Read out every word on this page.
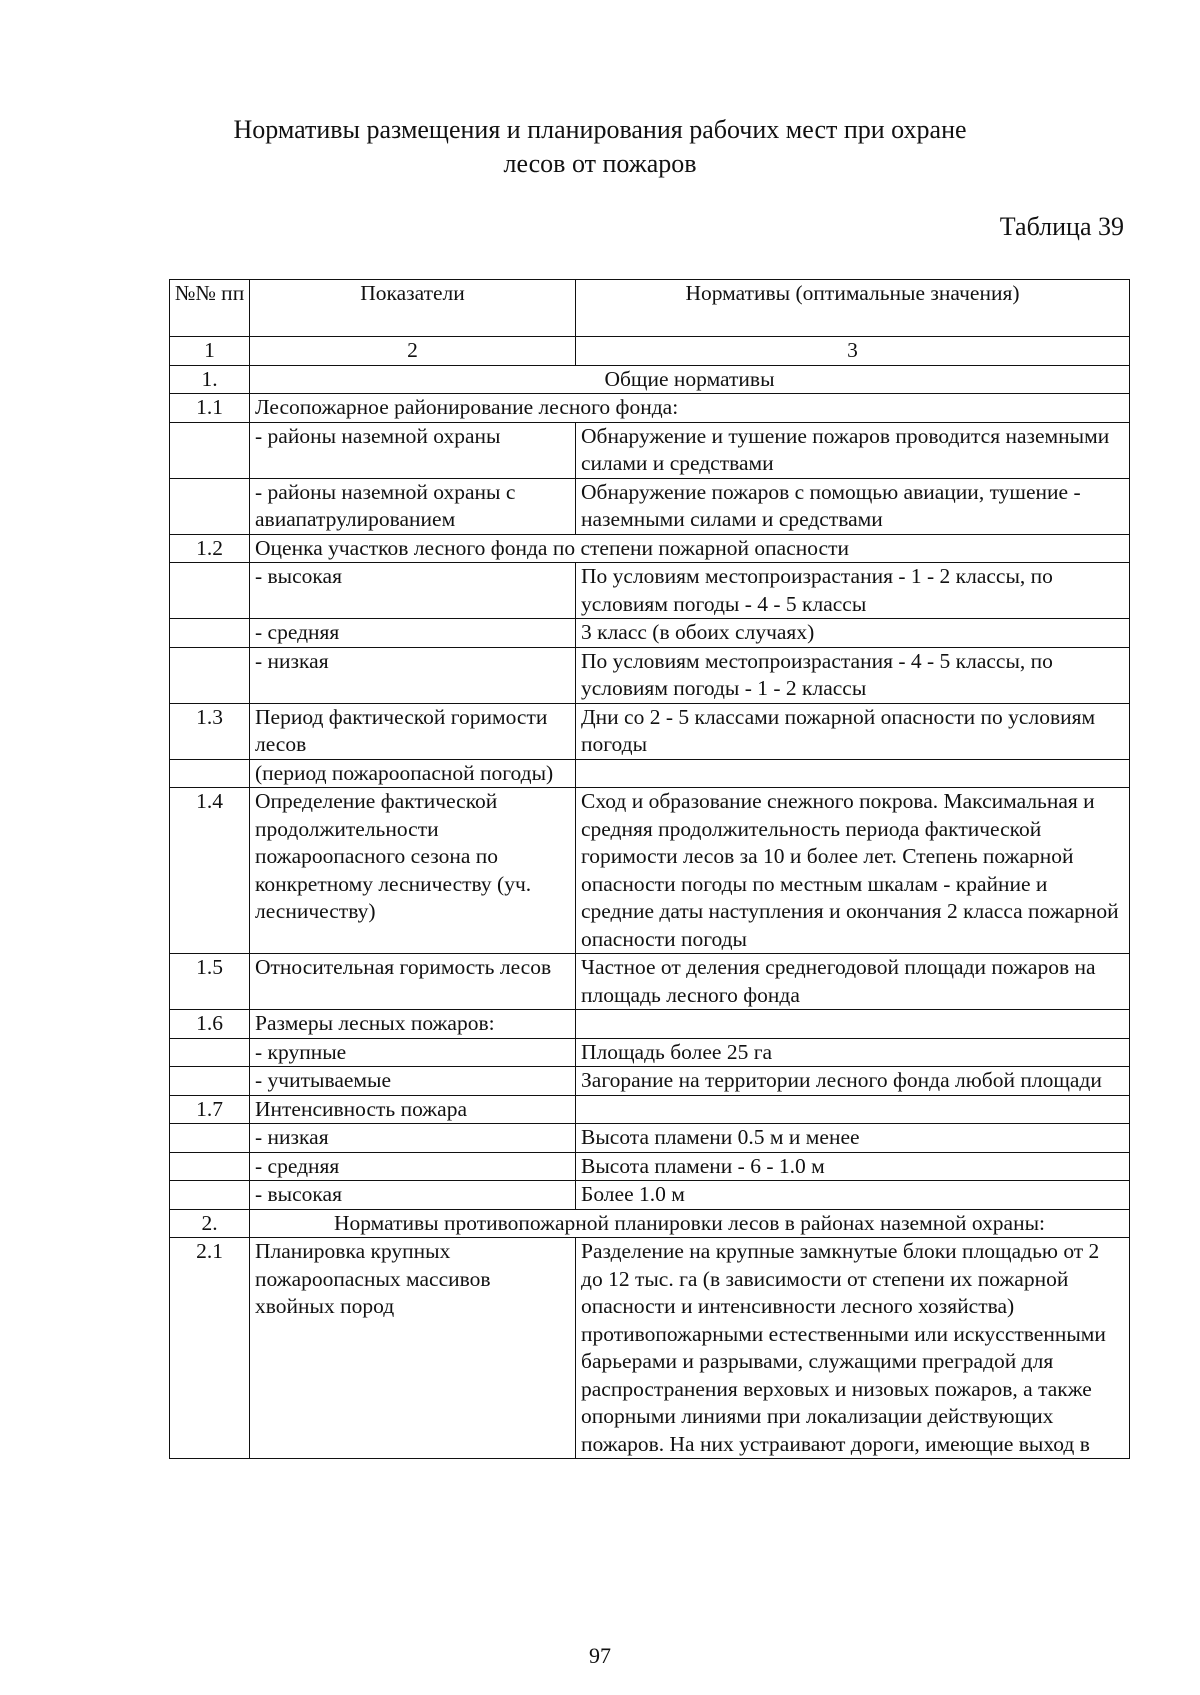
Нормативы размещения и планирования рабочих мест при охране
лесов от пожаров
Таблица 39
№№ пп	Показатели	Нормативы (оптимальные значения)
1	2	3
1.	Общие нормативы	
1.1	Лесопожарное районирование лесного фонда:	
	- районы наземной охраны	Обнаружение и тушение пожаров проводится наземными силами и средствами
	- районы наземной охраны с авиапатрулированием	Обнаружение пожаров с помощью авиации, тушение - наземными силами и средствами
1.2	Оценка участков лесного фонда по степени пожарной опасности	
	- высокая	По условиям местопроизрастания - 1 - 2 классы, по условиям погоды - 4 - 5 классы
	- средняя	3 класс (в обоих случаях)
	- низкая	По условиям местопроизрастания - 4 - 5 классы, по условиям погоды - 1 - 2 классы
1.3	Период фактической горимости лесов	Дни со 2 - 5 классами пожарной опасности по условиям погоды
	(период пожароопасной погоды)	
1.4	Определение фактической продолжительности пожароопасного сезона по конкретному лесничеству (уч. лесничеству)	Сход и образование снежного покрова. Максимальная и средняя продолжительность периода фактической горимости лесов за 10 и более лет. Степень пожарной опасности погоды по местным шкалам - крайние и средние даты наступления и окончания 2 класса пожарной опасности погоды
1.5	Относительная горимость лесов	Частное от деления среднегодовой площади пожаров на площадь лесного фонда
1.6	Размеры лесных пожаров:	
	- крупные	Площадь более 25 га
	- учитываемые	Загорание на территории лесного фонда любой площади
1.7	Интенсивность пожара	
	- низкая	Высота пламени 0.5 м и менее
	- средняя	Высота пламени - 6 - 1.0 м
	- высокая	Более 1.0 м
2.	Нормативы противопожарной планировки лесов в районах наземной охраны:	
2.1	Планировка крупных пожароопасных массивов хвойных пород	Разделение на крупные замкнутые блоки площадью от 2 до 12 тыс. га (в зависимости от степени их пожарной опасности и интенсивности лесного хозяйства) противопожарными естественными или искусственными барьерами и разрывами, служащими преградой для распространения верховых и низовых пожаров, а также опорными линиями при локализации действующих пожаров. На них устраивают дороги, имеющие выход в
97
